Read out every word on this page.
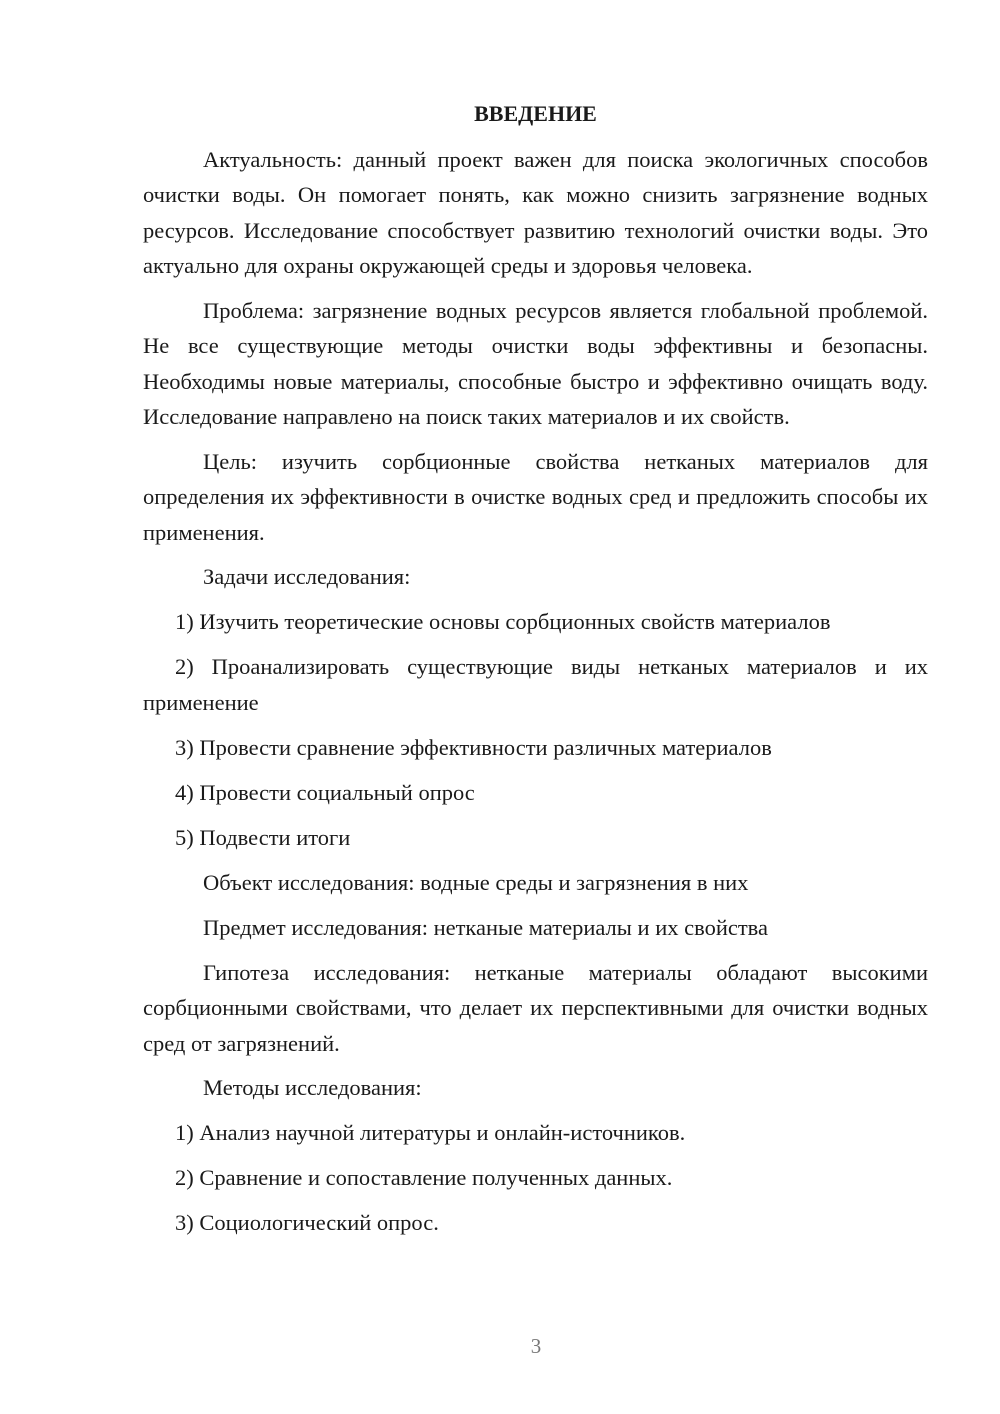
ВВЕДЕНИЕ

Актуальность: данный проект важен для поиска экологичных способов очистки воды. Он помогает понять, как можно снизить загрязнение водных ресурсов. Исследование способствует развитию технологий очистки воды. Это актуально для охраны окружающей среды и здоровья человека.

Проблема: загрязнение водных ресурсов является глобальной проблемой. Не все существующие методы очистки воды эффективны и безопасны. Необходимы новые материалы, способные быстро и эффективно очищать воду. Исследование направлено на поиск таких материалов и их свойств.

Цель: изучить сорбционные свойства нетканых материалов для определения их эффективности в очистке водных сред и предложить способы их применения.

Задачи исследования:

1) Изучить теоретические основы сорбционных свойств материалов

2) Проанализировать существующие виды нетканых материалов и их применение

3) Провести сравнение эффективности различных материалов

4) Провести социальный опрос

5) Подвести итоги

Объект исследования: водные среды и загрязнения в них

Предмет исследования: нетканые материалы и их свойства

Гипотеза исследования: нетканые материалы обладают высокими сорбционными свойствами, что делает их перспективными для очистки водных сред от загрязнений.

Методы исследования:

1) Анализ научной литературы и онлайн-источников.

2) Сравнение и сопоставление полученных данных.

3) Социологический опрос.

3
